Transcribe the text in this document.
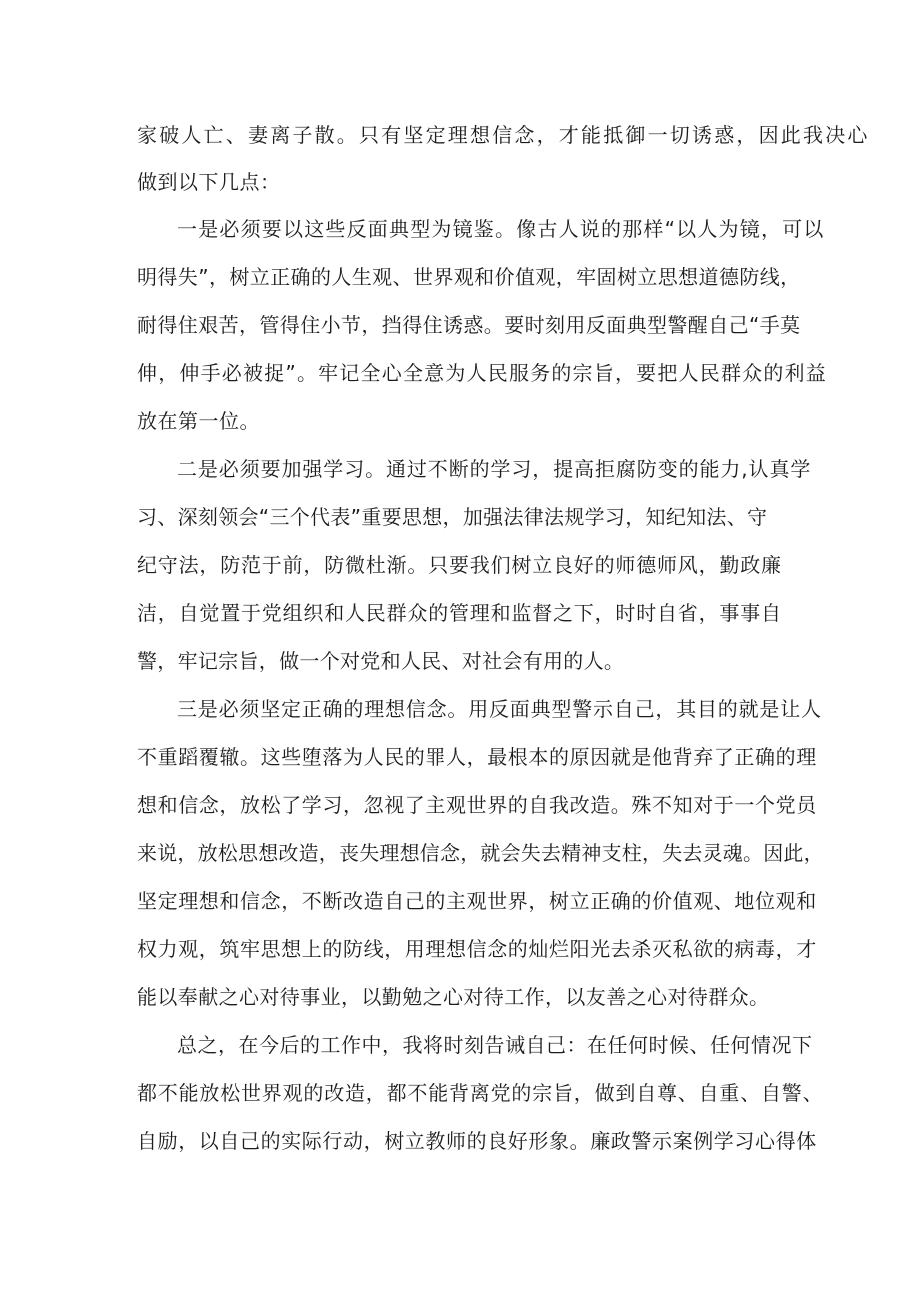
家破人亡、妻离子散。只有坚定理想信念，才能抵御一切诱惑，因此我决心
做到以下几点：
一是必须要以这些反面典型为镜鉴。像古人说的那样“以人为镜，可以
明得失”，树立正确的人生观、世界观和价值观，牢固树立思想道德防线，
耐得住艰苦，管得住小节，挡得住诱惑。要时刻用反面典型警醒自己“手莫
伸，伸手必被捉”。牢记全心全意为人民服务的宗旨，要把人民群众的利益
放在第一位。
二是必须要加强学习。通过不断的学习，提高拒腐防变的能力,认真学
习、深刻领会“三个代表”重要思想，加强法律法规学习，知纪知法、守
纪守法，防范于前，防微杜渐。只要我们树立良好的师德师风，勤政廉
洁，自觉置于党组织和人民群众的管理和监督之下，时时自省，事事自
警，牢记宗旨，做一个对党和人民、对社会有用的人。
三是必须坚定正确的理想信念。用反面典型警示自己，其目的就是让人
不重蹈覆辙。这些堕落为人民的罪人，最根本的原因就是他背弃了正确的理
想和信念，放松了学习，忽视了主观世界的自我改造。殊不知对于一个党员
来说，放松思想改造，丧失理想信念，就会失去精神支柱，失去灵魂。因此，
坚定理想和信念，不断改造自己的主观世界，树立正确的价值观、地位观和
权力观，筑牢思想上的防线，用理想信念的灿烂阳光去杀灭私欲的病毒，才
能以奉献之心对待事业，以勤勉之心对待工作，以友善之心对待群众。
总之，在今后的工作中，我将时刻告诫自己：在任何时候、任何情况下
都不能放松世界观的改造，都不能背离党的宗旨，做到自尊、自重、自警、
自励，以自己的实际行动，树立教师的良好形象。廉政警示案例学习心得体
